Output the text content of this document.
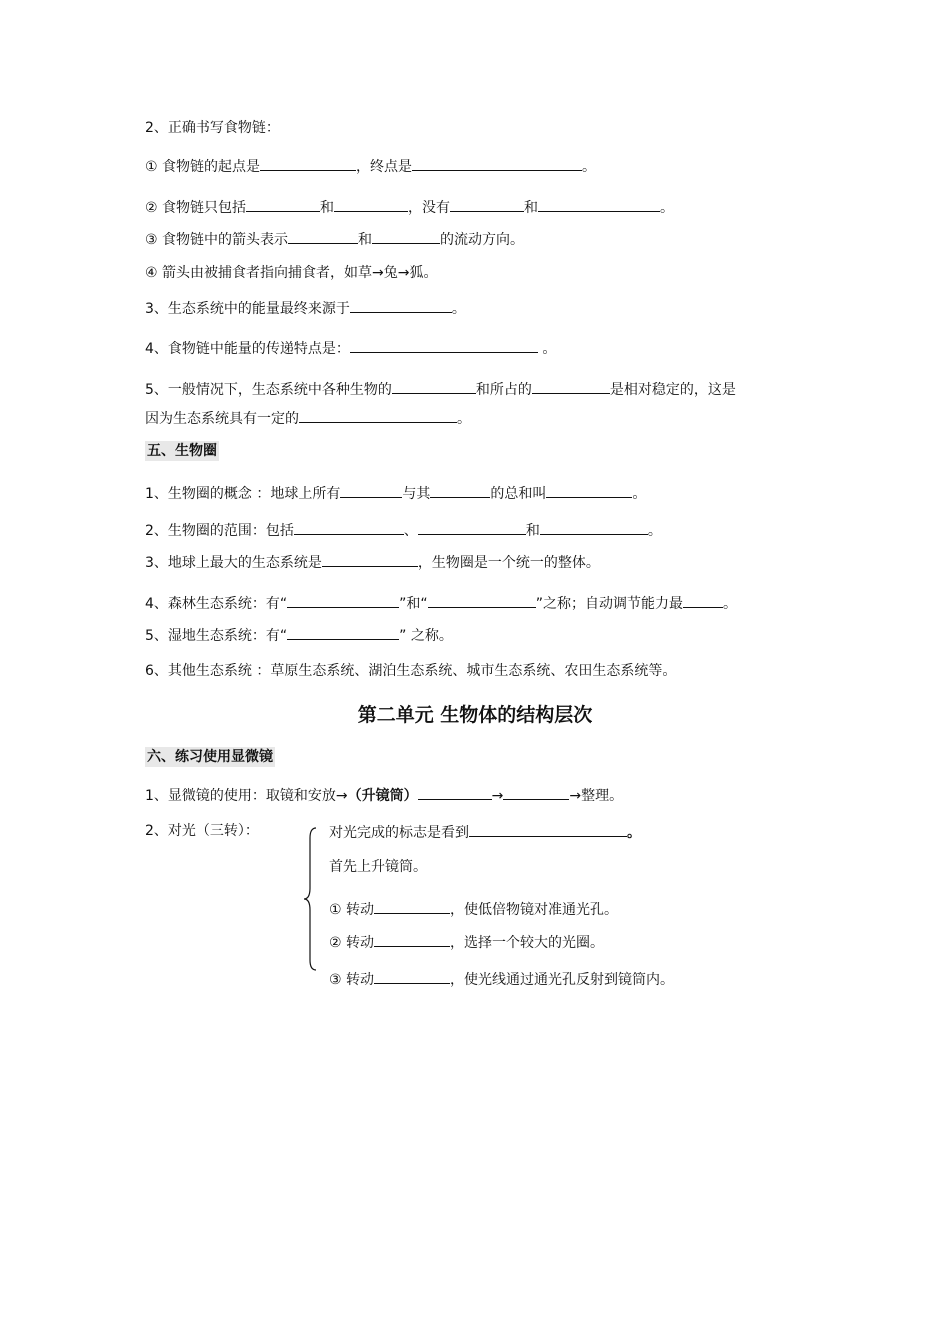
2、正确书写食物链：
① 食物链的起点是	，终点是	。
② 食物链只包括	和	，没有	和	。
③ 食物链中的箭头表示	和	的流动方向。
④ 箭头由被捕食者指向捕食者，如草→兔→狐。
3、生态系统中的能量最终来源于	。
4、食物链中能量的传递特点是：	。
5、一般情况下，生态系统中各种生物的	和所占的	是相对稳定的，这是
因为生态系统具有一定的	。
五、生物圈
1、生物圈的概念 ：地球上所有	与其	的总和叫	。
2、生物圈的范围：包括	、	和	。
3、地球上最大的生态系统是	，生物圈是一个统一的整体。
4、森林生态系统：有“	”和“	”之称；自动调节能力最	。
5、湿地生态系统：有“	” 之称。
6、其他生态系统 ：草原生态系统、湖泊生态系统、城市生态系统、农田生态系统等。
第二单元 生物体的结构层次
六、练习使用显微镜
1、显微镜的使用：取镜和安放→（升镜筒）	→	→整理。
2、对光（三转）：	对光完成的标志是看到	。
首先上升镜筒。
① 转动	，使低倍物镜对准通光孔。
② 转动	，选择一个较大的光圈。
③ 转动	，使光线通过通光孔反射到镜筒内。
